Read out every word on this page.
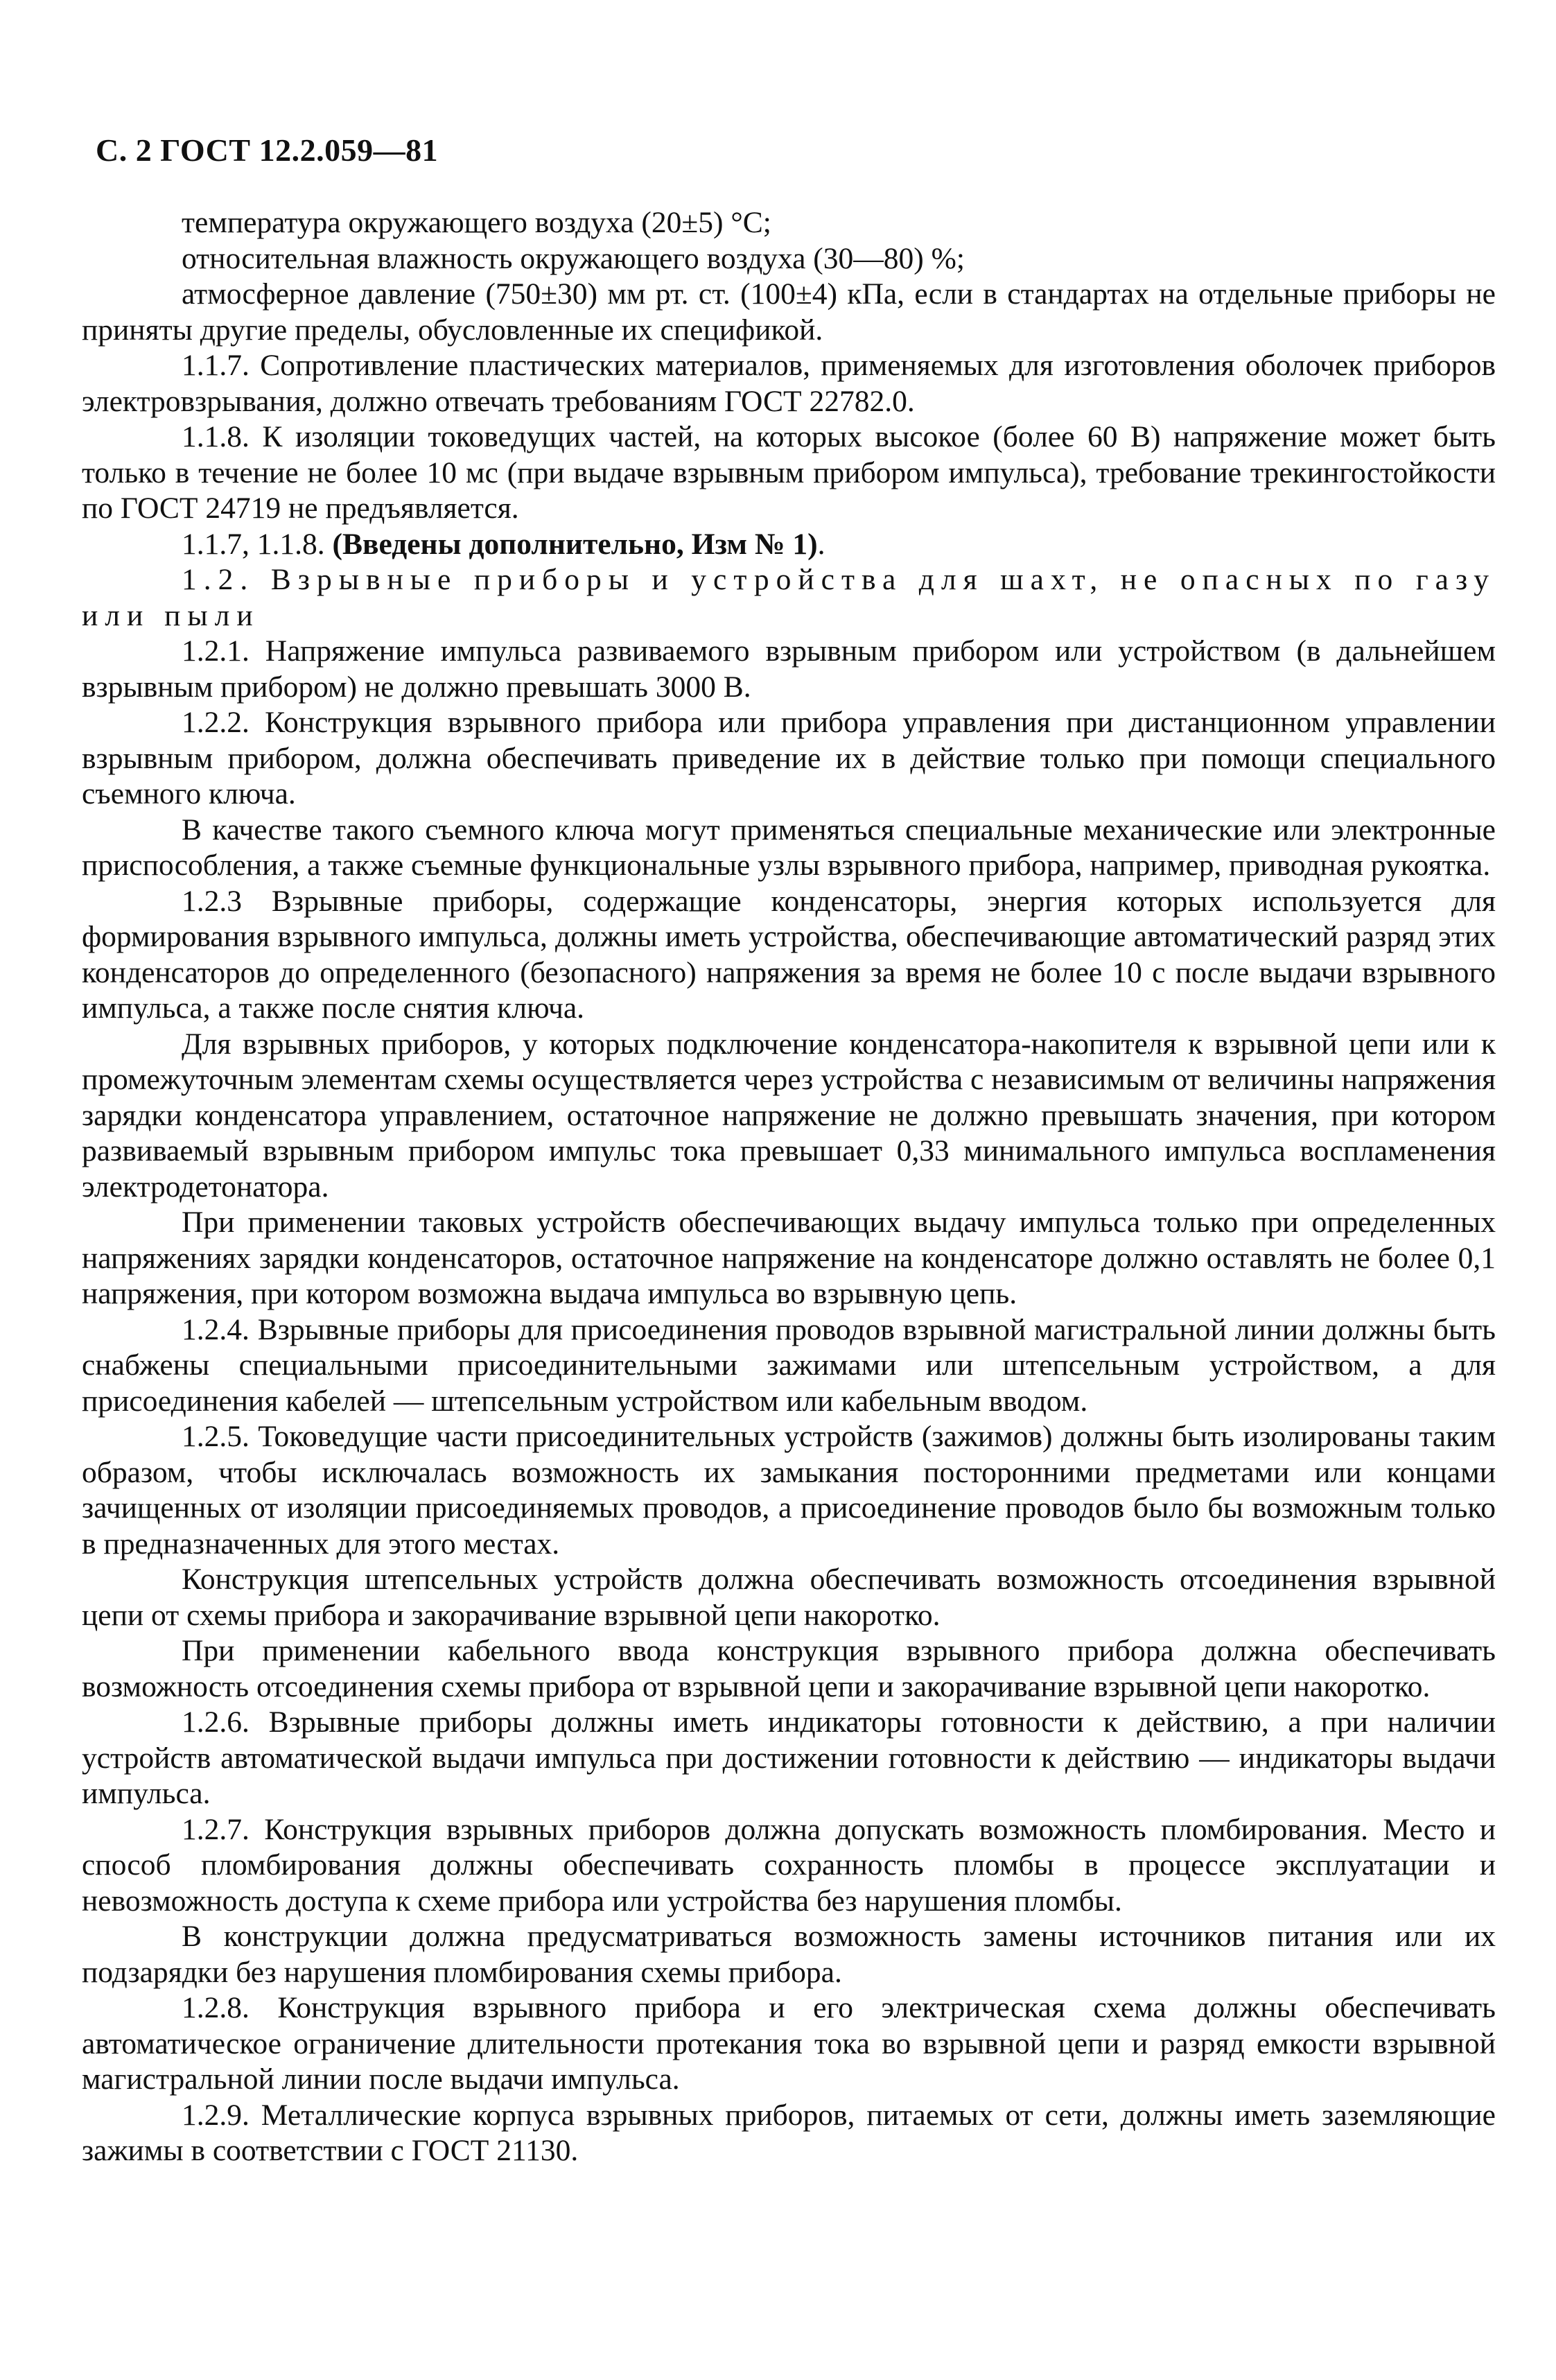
С. 2 ГОСТ 12.2.059—81

температура окружающего воздуха (20±5) °С;

относительная влажность окружающего воздуха (30—80) %;

атмосферное давление (750±30) мм рт. ст. (100±4) кПа, если в стандартах на отдельные приборы не приняты другие пределы, обусловленные их спецификой.

1.1.7. Сопротивление пластических материалов, применяемых для изготовления оболочек приборов электровзрывания, должно отвечать требованиям ГОСТ 22782.0.

1.1.8. К изоляции токоведущих частей, на которых высокое (более 60 В) напряжение может быть только в течение не более 10 мс (при выдаче взрывным прибором импульса), требование трекингостойкости по ГОСТ 24719 не предъявляется.

1.1.7, 1.1.8. (Введены дополнительно, Изм № 1).

1.2. Взрывные приборы и устройства для шахт, не опасных по газу или пыли

1.2.1. Напряжение импульса развиваемого взрывным прибором или устройством (в дальнейшем взрывным прибором) не должно превышать 3000 В.

1.2.2. Конструкция взрывного прибора или прибора управления при дистанционном управлении взрывным прибором, должна обеспечивать приведение их в действие только при помощи специального съемного ключа.

В качестве такого съемного ключа могут применяться специальные механические или электронные приспособления, а также съемные функциональные узлы взрывного прибора, например, приводная рукоятка.

1.2.3 Взрывные приборы, содержащие конденсаторы, энергия которых используется для формирования взрывного импульса, должны иметь устройства, обеспечивающие автоматический разряд этих конденсаторов до определенного (безопасного) напряжения за время не более 10 с после выдачи взрывного импульса, а также после снятия ключа.

Для взрывных приборов, у которых подключение конденсатора-накопителя к взрывной цепи или к промежуточным элементам схемы осуществляется через устройства с независимым от величины напряжения зарядки конденсатора управлением, остаточное напряжение не должно превышать значения, при котором развиваемый взрывным прибором импульс тока превышает 0,33 минимального импульса воспламенения электродетонатора.

При применении таковых устройств обеспечивающих выдачу импульса только при определенных напряжениях зарядки конденсаторов, остаточное напряжение на конденсаторе должно оставлять не более 0,1 напряжения, при котором возможна выдача импульса во взрывную цепь.

1.2.4. Взрывные приборы для присоединения проводов взрывной магистральной линии должны быть снабжены специальными присоединительными зажимами или штепсельным устройством, а для присоединения кабелей — штепсельным устройством или кабельным вводом.

1.2.5. Токоведущие части присоединительных устройств (зажимов) должны быть изолированы таким образом, чтобы исключалась возможность их замыкания посторонними предметами или концами зачищенных от изоляции присоединяемых проводов, а присоединение проводов было бы возможным только в предназначенных для этого местах.

Конструкция штепсельных устройств должна обеспечивать возможность отсоединения взрывной цепи от схемы прибора и закорачивание взрывной цепи накоротко.

При применении кабельного ввода конструкция взрывного прибора должна обеспечивать возможность отсоединения схемы прибора от взрывной цепи и закорачивание взрывной цепи накоротко.

1.2.6. Взрывные приборы должны иметь индикаторы готовности к действию, а при наличии устройств автоматической выдачи импульса при достижении готовности к действию — индикаторы выдачи импульса.

1.2.7. Конструкция взрывных приборов должна допускать возможность пломбирования. Место и способ пломбирования должны обеспечивать сохранность пломбы в процессе эксплуатации и невозможность доступа к схеме прибора или устройства без нарушения пломбы.

В конструкции должна предусматриваться возможность замены источников питания или их подзарядки без нарушения пломбирования схемы прибора.

1.2.8. Конструкция взрывного прибора и его электрическая схема должны обеспечивать автоматическое ограничение длительности протекания тока во взрывной цепи и разряд емкости взрывной магистральной линии после выдачи импульса.

1.2.9. Металлические корпуса взрывных приборов, питаемых от сети, должны иметь заземляющие зажимы в соответствии с ГОСТ 21130.
